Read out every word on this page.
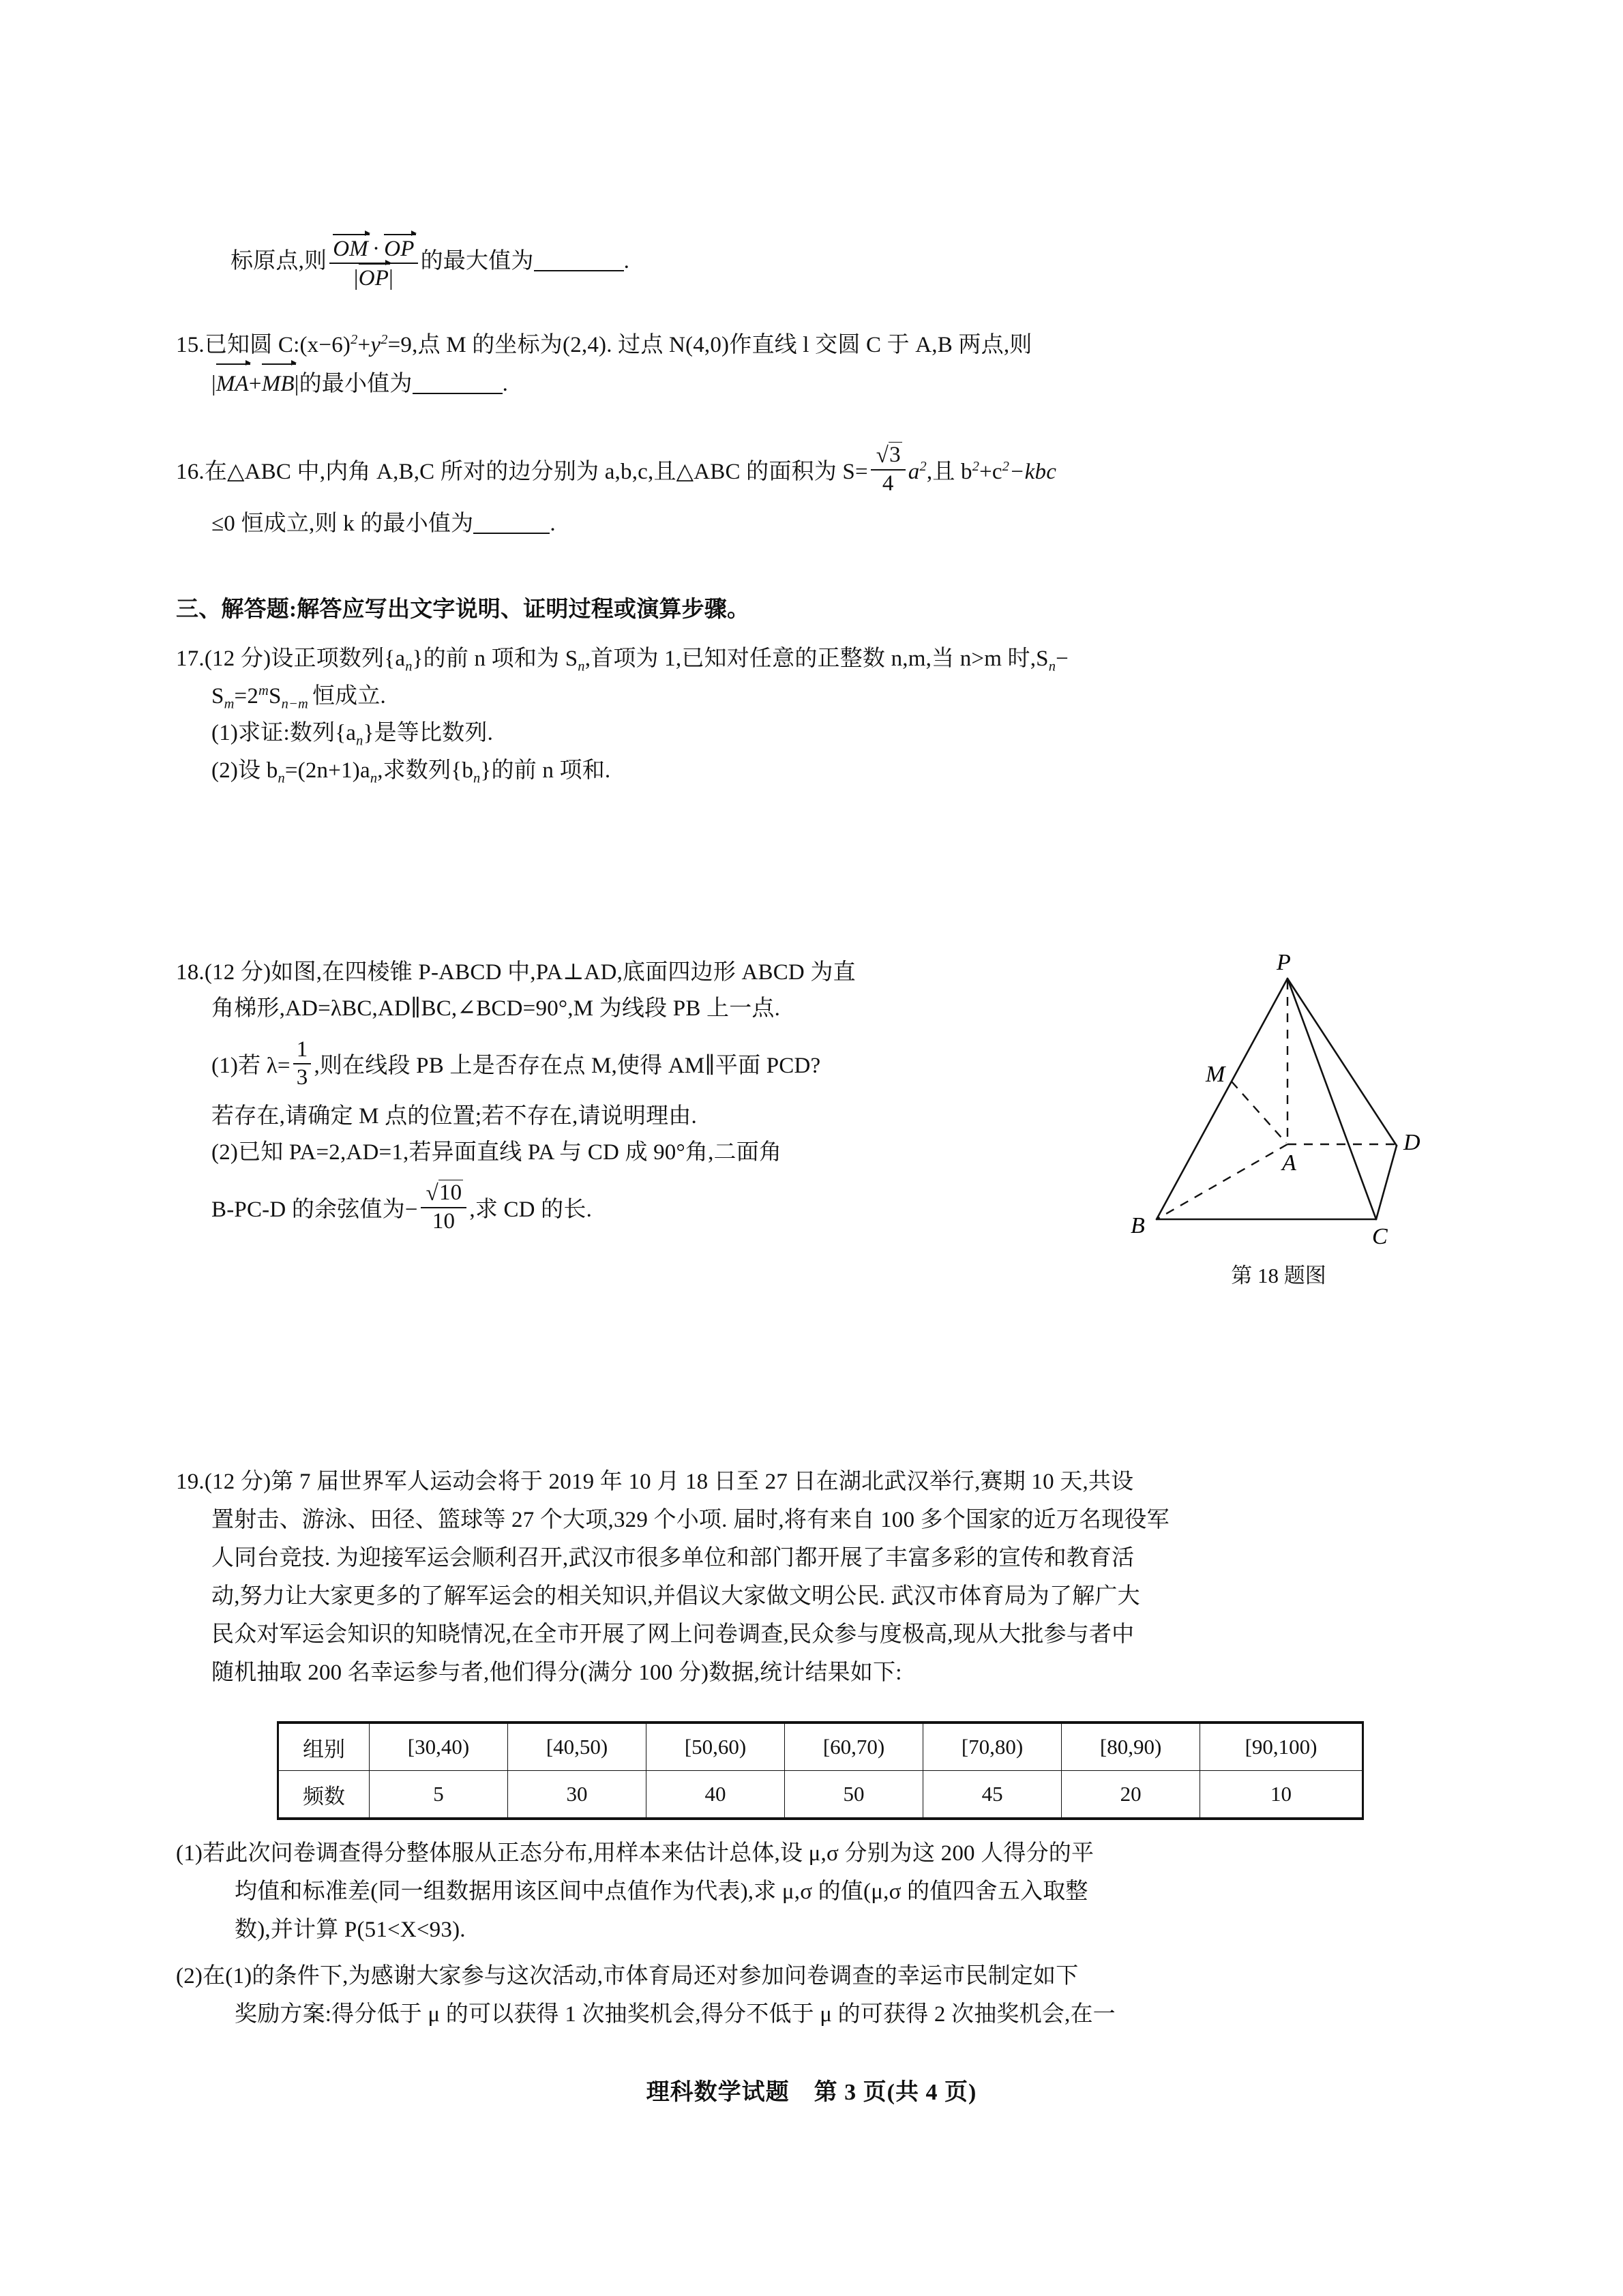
标原点,则 $\frac{OM \cdot OP}{|OP|}$ 的最大值为	.
15.已知圆 $C:(x-6)^2+y^2=9$,点 M 的坐标为(2,4). 过点 N(4,0)作直线 l 交圆 C 于 A,B 两点,则
|MA+MB|的最小值为	.
16.在△ABC 中,内角 A,B,C 所对的边分别为 a,b,c,且△ABC 的面积为 $S= \frac{√3}{4} a^2$,且 $b^2+c^2-kbc$
≤0 恒成立,则 k 的最小值为	.
三、解答题:解答应写出文字说明、证明过程或演算步骤。
17.(12 分)设正项数列$\{a_n\}$的前 n 项和为 $S_n$,首项为 1,已知对任意的正整数 n,m,当 n>m 时$,S_n-$
$S_m=2^mS_{n-m}$ 恒成立.
(1)求证:数列$\{a_n\}$是等比数列.
(2)设 $b_n=(2n+1)a_n$,求数列$\{b_n\}$的前 n 项和.
18.(12 分)如图,在四棱锥 P-ABCD 中,PA⊥AD,底面四边形 ABCD 为直
角梯形,AD=λBC,AD∥BC,∠BCD=90°,M 为线段 PB 上一点.
(1)若 $\lambda= \frac{1}{3}$ ,则在线段 PB 上是否存在点 M,使得 AM∥平面 PCD?
若存在,请确定 M 点的位置;若不存在,请说明理由.
(2)已知 PA=2,AD=1,若异面直线 PA 与 CD 成 90°角,二面角
B-PC-D 的余弦值为− $\frac{√10}{10}$ ,求 CD 的长.
P
M
A
B	C
D
第 18 题图
19.(12 分)第 7 届世界军人运动会将于 2019 年 10 月 18 日至 27 日在湖北武汉举行,赛期 10 天,共设
置射击、游泳、田径、篮球等 27 个大项,329 个小项. 届时,将有来自 100 多个国家的近万名现役军
人同台竞技. 为迎接军运会顺利召开,武汉市很多单位和部门都开展了丰富多彩的宣传和教育活
动,努力让大家更多的了解军运会的相关知识,并倡议大家做文明公民. 武汉市体育局为了解广大
民众对军运会知识的知晓情况,在全市开展了网上问卷调查,民众参与度极高,现从大批参与者中
随机抽取 200 名幸运参与者,他们得分(满分 100 分)数据,统计结果如下:
组别	[30,40)	[40,50)	[50,60)	[60,70)	[70,80)	[80,90)	[90,100)
频数	5	30	40	50	45	20	10
(1)若此次问卷调查得分整体服从正态分布,用样本来估计总体,设 μ,σ 分别为这 200 人得分的平
均值和标准差(同一组数据用该区间中点值作为代表),求 μ,σ 的值(μ,σ 的值四舍五入取整
数),并计算 P(51<X<93).
(2)在(1)的条件下,为感谢大家参与这次活动,市体育局还对参加问卷调查的幸运市民制定如下
奖励方案:得分低于 μ 的可以获得 1 次抽奖机会,得分不低于 μ 的可获得 2 次抽奖机会,在一
理科数学试题 第 3 页(共 4 页)
